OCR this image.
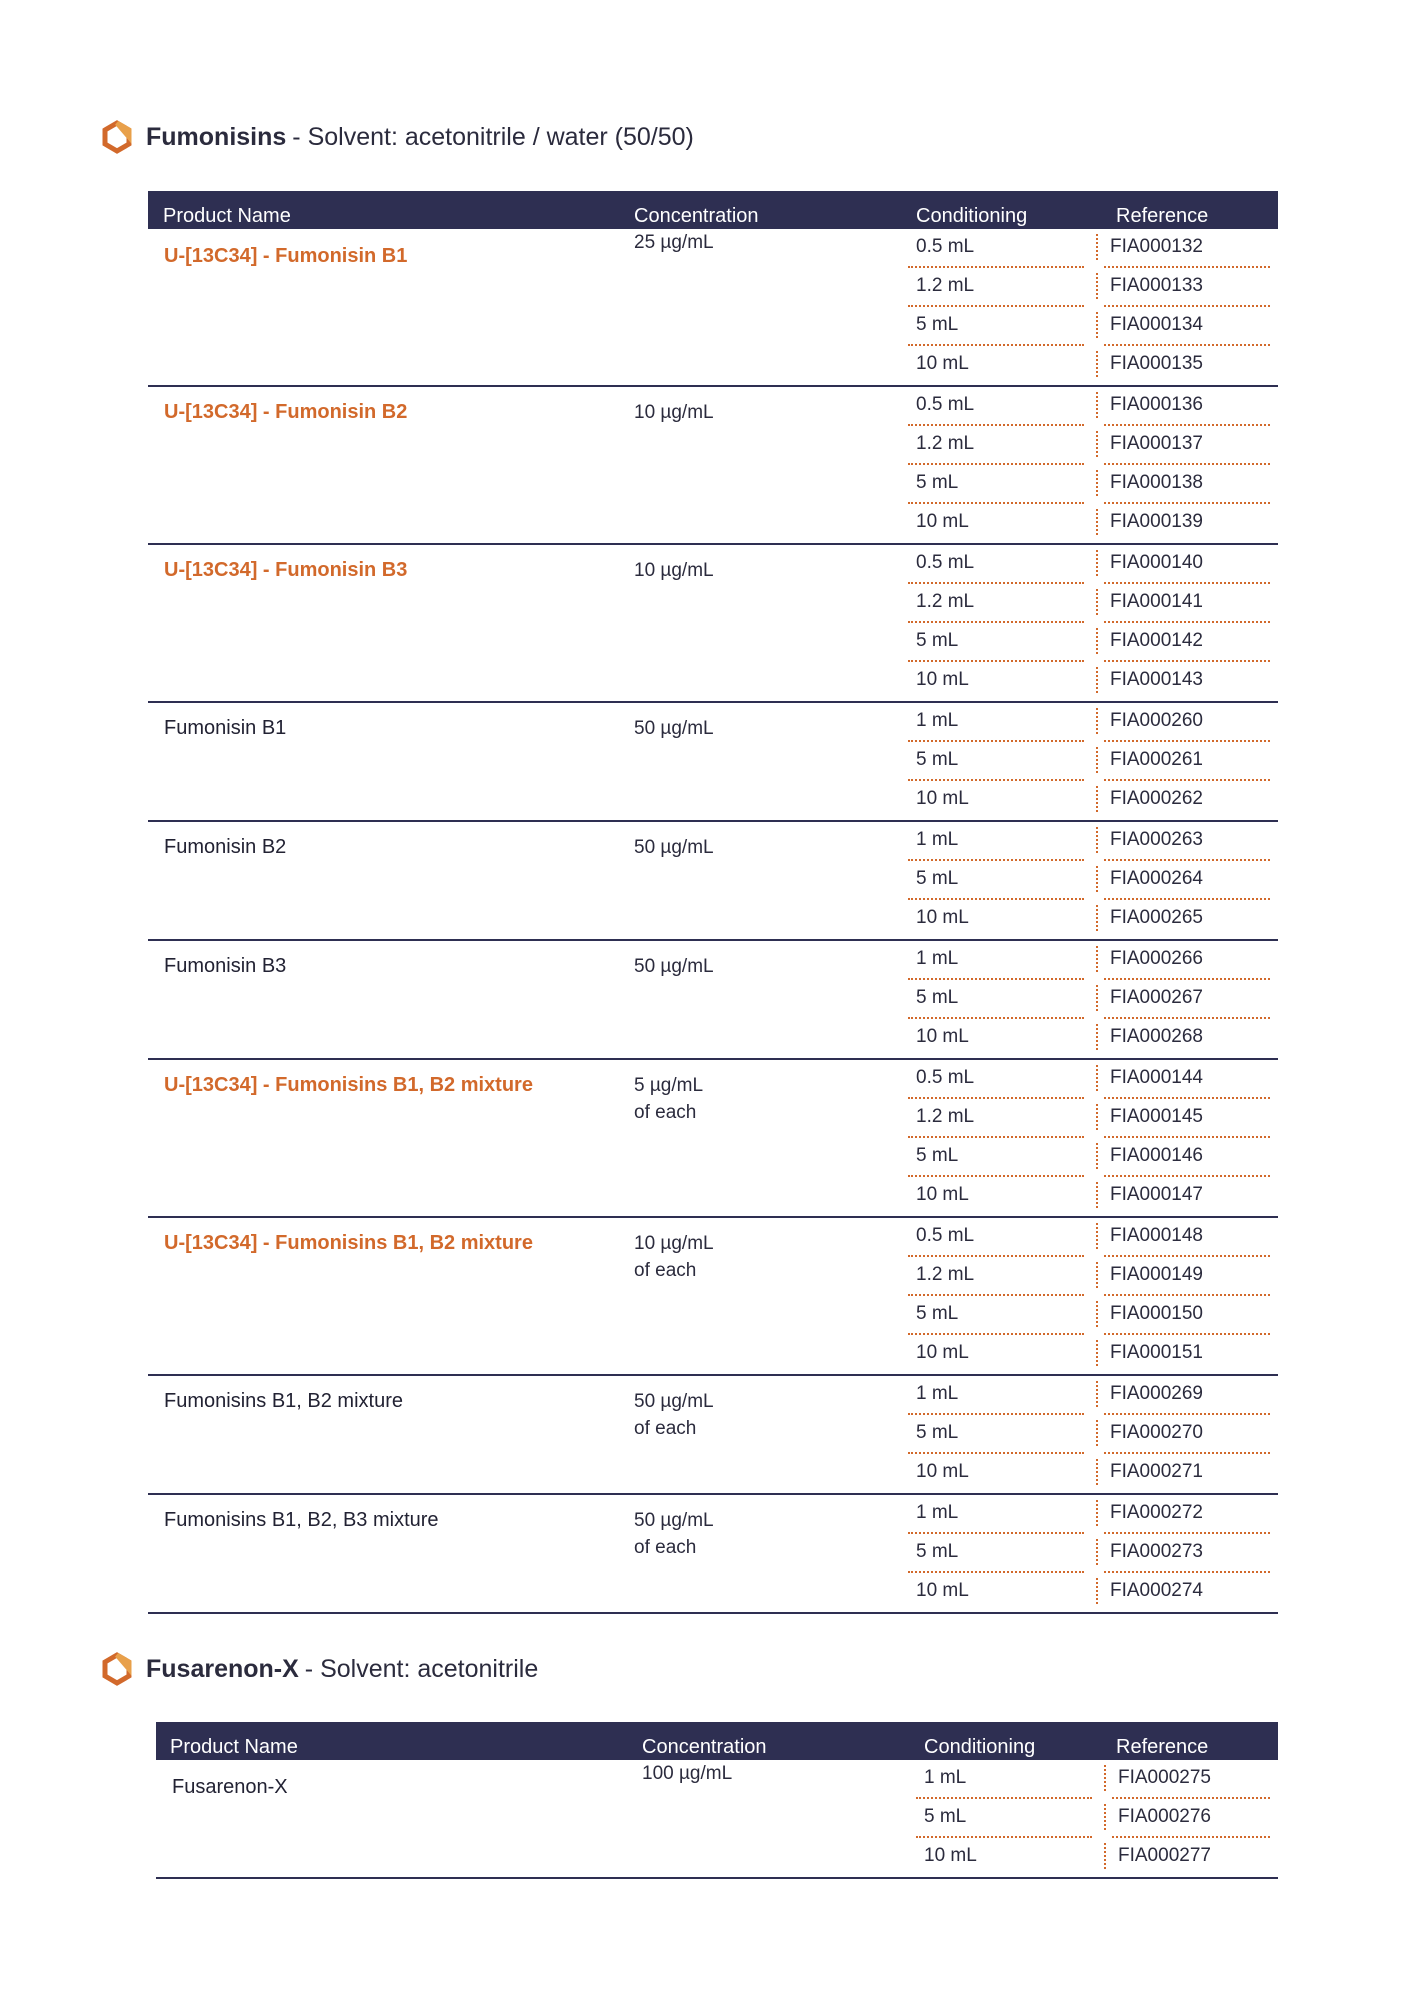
Fumonisins - Solvent: acetonitrile / water (50/50)
Product Name	Concentration	Conditioning	Reference
U-[13C34] - Fumonisin B1
25 µg/mL	0.5 mL	FIA000132
1.2 mL	FIA000133
5 mL	FIA000134
10 mL	FIA000135
U-[13C34] - Fumonisin B2	10 µg/mL	0.5 mL	FIA000136
1.2 mL	FIA000137
5 mL	FIA000138
10 mL	FIA000139
U-[13C34] - Fumonisin B3	10 µg/mL	0.5 mL	FIA000140
1.2 mL	FIA000141
5 mL	FIA000142
10 mL	FIA000143
Fumonisin B1	50 µg/mL	1 mL	FIA000260
5 mL	FIA000261
10 mL	FIA000262
Fumonisin B2	50 µg/mL	1 mL	FIA000263
5 mL	FIA000264
10 mL	FIA000265
Fumonisin B3	50 µg/mL	1 mL	FIA000266
5 mL	FIA000267
10 mL	FIA000268
U-[13C34] - Fumonisins B1, B2 mixture	5 µg/mL
of each
0.5 mL	FIA000144
1.2 mL	FIA000145
5 mL	FIA000146
10 mL	FIA000147
U-[13C34] - Fumonisins B1, B2 mixture	10 µg/mL
of each
0.5 mL	FIA000148
1.2 mL	FIA000149
5 mL	FIA000150
10 mL	FIA000151
Fumonisins B1, B2 mixture	50 µg/mL
of each
1 mL	FIA000269
5 mL	FIA000270
10 mL	FIA000271
Fumonisins B1, B2, B3 mixture	50 µg/mL
of each
1 mL	FIA000272
5 mL	FIA000273
10 mL	FIA000274
Fusarenon-X - Solvent: acetonitrile
Product Name	Concentration	Conditioning	Reference
Fusarenon-X
100 µg/mL	1 mL	FIA000275
5 mL	FIA000276
10 mL	FIA000277
